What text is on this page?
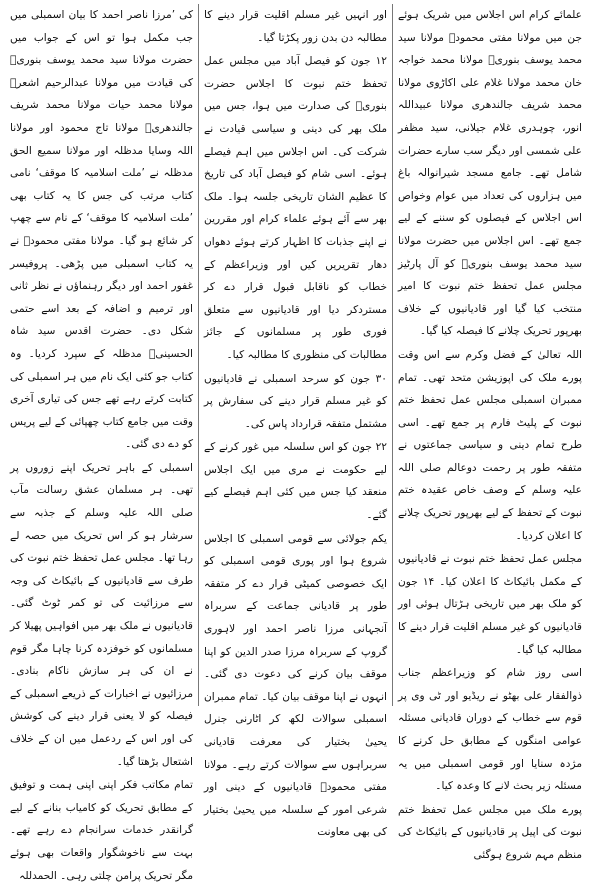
علمائے کرام اس اجلاس میں شریک ہوئے جن میں مولانا مفتی محمودؒ مولانا سید محمد یوسف بنوریؒ مولانا محمد خواجہ خان محمد مولانا غلام علی اکاڑوی مولانا محمد شریف جالندھری مولانا عبیداللہ انور، چوہدری غلام جیلانی، سید مظفر علی شمسی اور دیگر سب سارے حضرات شامل تھے۔ جامع مسجد شیرانوالہ باغ میں ہزاروں کی تعداد میں عوام وخواص اس اجلاس کے فیصلوں کو سننے کے لیے جمع تھے۔ اس اجلاس میں حضرت مولانا سید محمد یوسف بنوریؒ کو آل پارٹیز مجلس عمل تحفظ ختم نبوت کا امیر منتخب کیا گیا اور قادیانیوں کے خلاف بھرپور تحریک چلانے کا فیصلہ کیا گیا۔

اللہ تعالیٰ کے فضل وکرم سے اس وقت پورے ملک کی اپوزیشن متحد تھی۔ تمام ممبران اسمبلی مجلس عمل تحفظ ختم نبوت کے پلیٹ فارم پر جمع تھے۔ اسی طرح تمام دینی و سیاسی جماعتوں نے متفقہ طور پر رحمت دوعالم صلی اللہ علیہ وسلم کے وصف خاص عقیدہ ختم نبوت کے تحفظ کے لیے بھرپور تحریک چلانے کا اعلان کردیا۔

مجلس عمل تحفظ ختم نبوت نے قادیانیوں کے مکمل بائیکاٹ کا اعلان کیا۔ ۱۴ جون کو ملک بھر میں تاریخی ہڑتال ہوئی اور قادیانیوں کو غیر مسلم اقلیت قرار دینے کا مطالبہ کیا گیا۔

اسی روز شام کو وزیراعظم جناب ذوالفقار علی بھٹو نے ریڈیو اور ٹی وی پر قوم سے خطاب کے دوران قادیانی مسئلہ عوامی امنگوں کے مطابق حل کرنے کا مژدہ سنایا اور قومی اسمبلی میں یہ مسئلہ زیر بحث لانے کا وعدہ کیا۔

پورے ملک میں مجلس عمل تحفظ ختم نبوت کی اپیل پر قادیانیوں کے بائیکاٹ کی منظم مہم شروع ہوگئی

اور انہیں غیر مسلم اقلیت قرار دینے کا مطالبہ دن بدن زور پکڑتا گیا۔

۱۲ جون کو فیصل آباد میں مجلس عمل تحفظ ختم نبوت کا اجلاس حضرت بنوریؒ کی صدارت میں ہوا، جس میں ملک بھر کی دینی و سیاسی قیادت نے شرکت کی۔ اس اجلاس میں اہم فیصلے ہوئے۔ اسی شام کو فیصل آباد کی تاریخ کا عظیم الشان تاریخی جلسہ ہوا۔ ملک بھر سے آئے ہوئے علماء کرام اور مقررین نے اپنے جذبات کا اظہار کرتے ہوئے دھواں دھار تقریریں کیں اور وزیراعظم کے خطاب کو ناقابل قبول قرار دے کر مستردکر دیا اور قادیانیوں سے متعلق فوری طور پر مسلمانوں کے جائز مطالبات کی منظوری کا مطالبہ کیا۔

۳۰ جون کو سرحد اسمبلی نے قادیانیوں کو غیر مسلم قرار دینے کی سفارش پر مشتمل متفقہ قرارداد پاس کی۔

۲۲ جون کو اس سلسلہ میں غور کرنے کے لیے حکومت نے مری میں ایک اجلاس منعقد کیا جس میں کئی اہم فیصلے کیے گئے۔

یکم جولائی سے قومی اسمبلی کا اجلاس شروع ہوا اور پوری قومی اسمبلی کو ایک خصوصی کمیٹی قرار دے کر متفقہ طور پر قادیانی جماعت کے سربراہ آنجہانی مرزا ناصر احمد اور لاہوری گروپ کے سربراہ مرزا صدر الدین کو اپنا موقف بیان کرنے کی دعوت دی گئی۔ انہوں نے اپنا موقف بیان کیا۔ تمام ممبران اسمبلی سوالات لکھ کر اٹارنی جنرل یحییٰ بختیار کی معرفت قادیانی سربراہوں سے سوالات کرتے رہے۔ مولانا مفتی محمودؒ قادیانیوں کے دینی اور شرعی امور کے سلسلہ میں یحییٰ بختیار کی بھی معاونت

کی ’مرزا ناصر احمد کا بیان اسمبلی میں جب مکمل ہوا تو اس کے جواب میں حضرت مولانا سید محمد یوسف بنوریؒ کی قیادت میں مولانا عبدالرحیم اشعرؒ مولانا محمد حیات مولانا محمد شریف جالندھریؒ مولانا تاج محمود اور مولانا اللہ وسایا مدظلہ اور مولانا سمیع الحق مدظلہ نے ’ملت اسلامیہ کا موقف‘ نامی کتاب مرتب کی جس کا یہ کتاب بھی ’ملت اسلامیہ کا موقف‘ کے نام سے چھپ کر شائع ہو گیا۔ مولانا مفتی محمودؒ نے یہ کتاب اسمبلی میں پڑھی۔ پروفیسر غفور احمد اور دیگر رہنماؤں نے نظر ثانی اور ترمیم و اضافہ کے بعد اسے حتمی شکل دی۔ حضرت اقدس سید شاہ الحسینیؒ مدظلہ کے سپرد کردیا۔ وہ کتاب جو کئی ایک نام میں ہر اسمبلی کی کتابت کرتے رہے تھے جس کی تیاری آخری وقت میں جامع کتاب چھپائی کے لیے پریس کو دے دی گئی۔

اسمبلی کے باہر تحریک اپنے زوروں پر تھی۔ ہر مسلمان عشق رسالت مآب صلی اللہ علیہ وسلم کے جذبہ سے سرشار ہو کر اس تحریک میں حصہ لے رہا تھا۔ مجلس عمل تحفظ ختم نبوت کی طرف سے قادیانیوں کے بائیکاٹ کی وجہ سے مرزائیت کی تو کمر ٹوٹ گئی۔ قادیانیوں نے ملک بھر میں افواہیں پھیلا کر مسلمانوں کو خوفزدہ کرنا چاہا مگر قوم نے ان کی ہر سازش ناکام بنادی۔ مرزائیوں نے اخبارات کے ذریعے اسمبلی کے فیصلہ کو لا یعنی قرار دینے کی کوشش کی اور اس کے ردعمل میں ان کے خلاف اشتعال بڑھتا گیا۔

تمام مکاتب فکر اپنی اپنی ہمت و توفیق کے مطابق تحریک کو کامیاب بنانے کے لیے گرانقدر خدمات سرانجام دے رہے تھے۔ بہت سے ناخوشگوار واقعات بھی ہوئے مگر تحریک پرامن چلتی رہی۔ الحمدللہ
